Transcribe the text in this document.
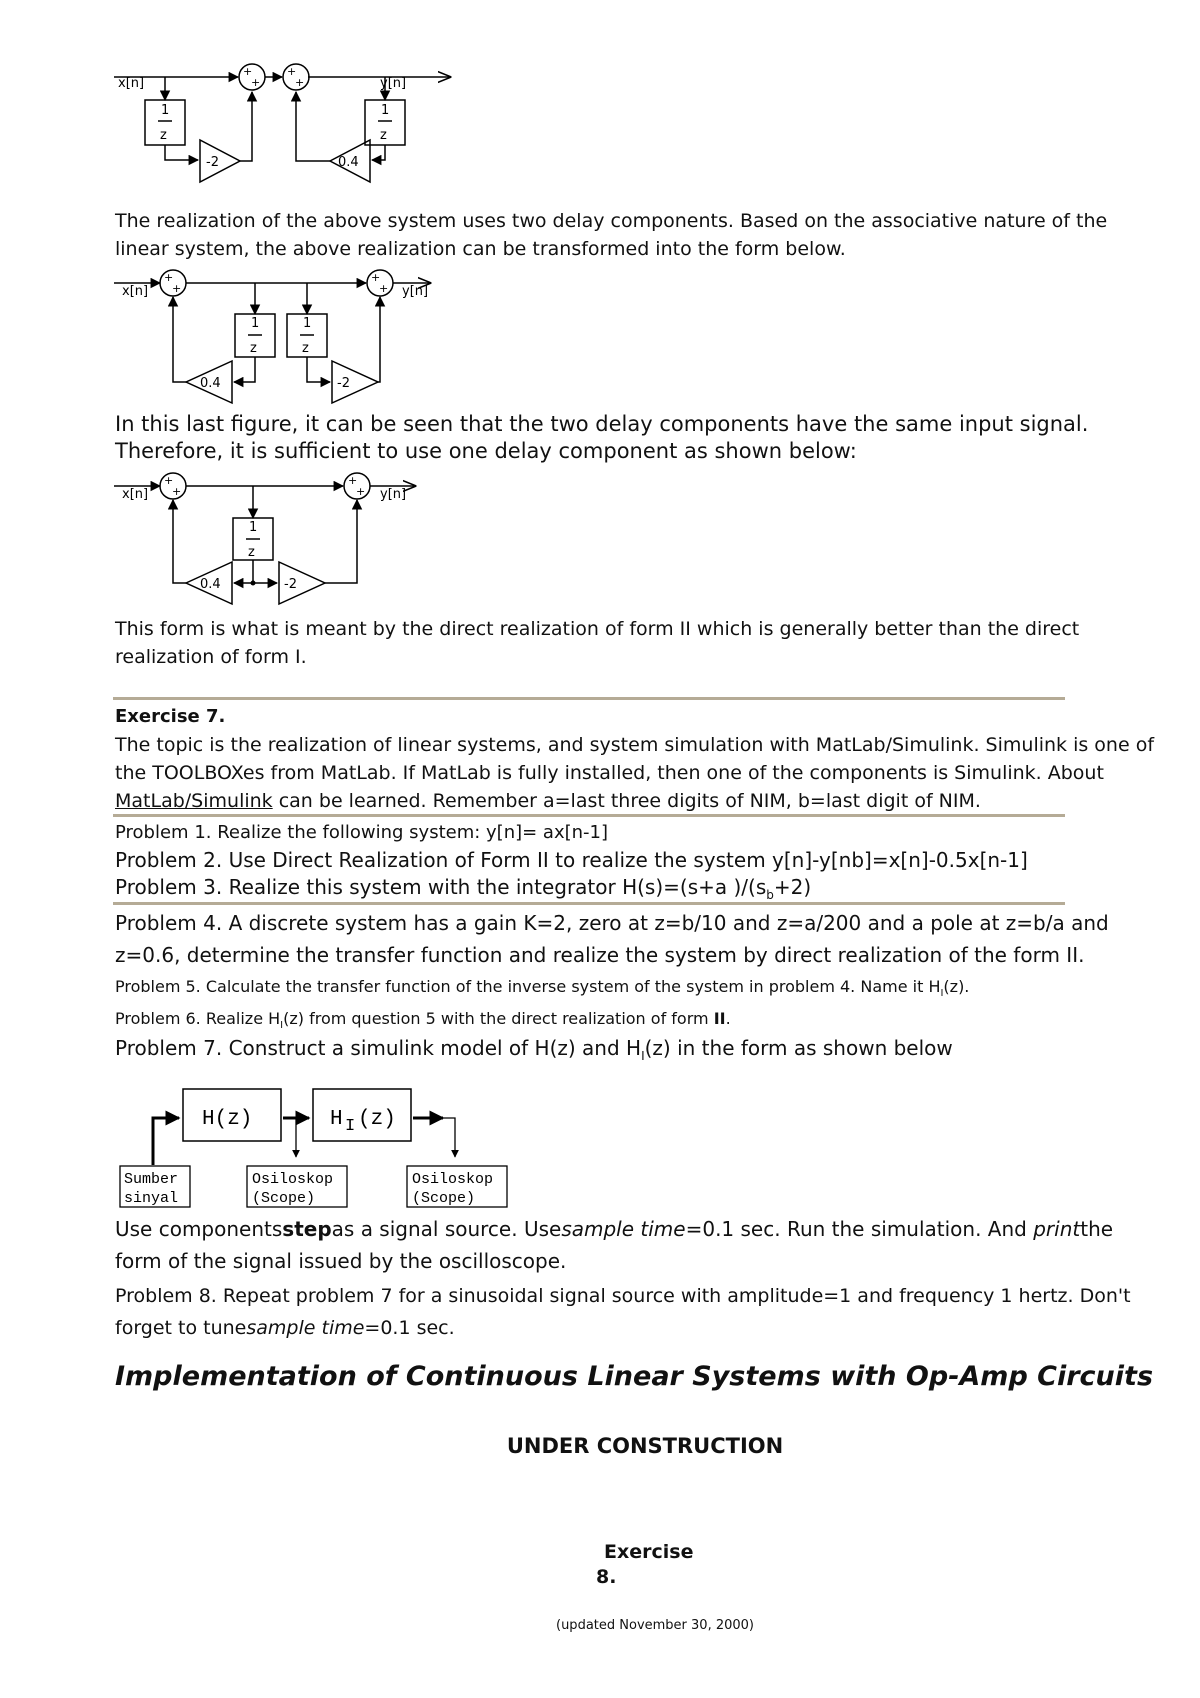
x[n]	y[n]
1
z
1
z
-2	0.4
+
+
+
+
The realization of the above system uses two delay components. Based on the associative nature of the linear system, the above realization can be transformed into the form below.
x[n]	y[n]
1
z
1
z
0.4	-2
+
+
+
+
In this last figure, it can be seen that the two delay components have the same input signal. Therefore, it is sufficient to use one delay component as shown below:
x[n]	y[n]
1
z
0.4	-2
+
+
+
+
This form is what is meant by the direct realization of form II which is generally better than the direct realization of form I.
Exercise 7.
The topic is the realization of linear systems, and system simulation with MatLab/Simulink. Simulink is one of the TOOLBOXes from MatLab. If MatLab is fully installed, then one of the components is Simulink. About MatLab/Simulink can be learned. Remember a=last three digits of NIM, b=last digit of NIM.
Problem 1. Realize the following system: y[n]= ax[n-1]
Problem 2. Use Direct Realization of Form II to realize the system y[n]-y[nb]=x[n]-0.5x[n-1]
Problem 3. Realize this system with the integrator H(s)=(s+a )$/(s_b+2)$
Problem 4. A discrete system has a gain K=2, zero at z=b/10 and z=a/200 and a pole at z=b/a and z=0.6, determine the transfer function and realize the system by direct realization of the form II.
Problem 5. Calculate the transfer function of the inverse system of the system in problem 4. Name it $H_I(z)$.
Problem 6. Realize $H_I(z)$ from question 5 with the direct realization of form II.
Problem 7. Construct a simulink model of H(z) and $H_I(z)$ in the form as shown below
H(z)	H I (z)
Sumber
sinyal
Osiloskop
(Scope)
Osiloskop
(Scope)
Use componentsstepas a signal source. Usesample time=0.1 sec. Run the simulation. And printthe form of the signal issued by the oscilloscope.
Problem 8. Repeat problem 7 for a sinusoidal signal source with amplitude=1 and frequency 1 hertz. Don't forget to tunesample time=0.1 sec.
Implementation of Continuous Linear Systems with Op-Amp Circuits
UNDER CONSTRUCTION
Exercise
8.
(updated November 30, 2000)
